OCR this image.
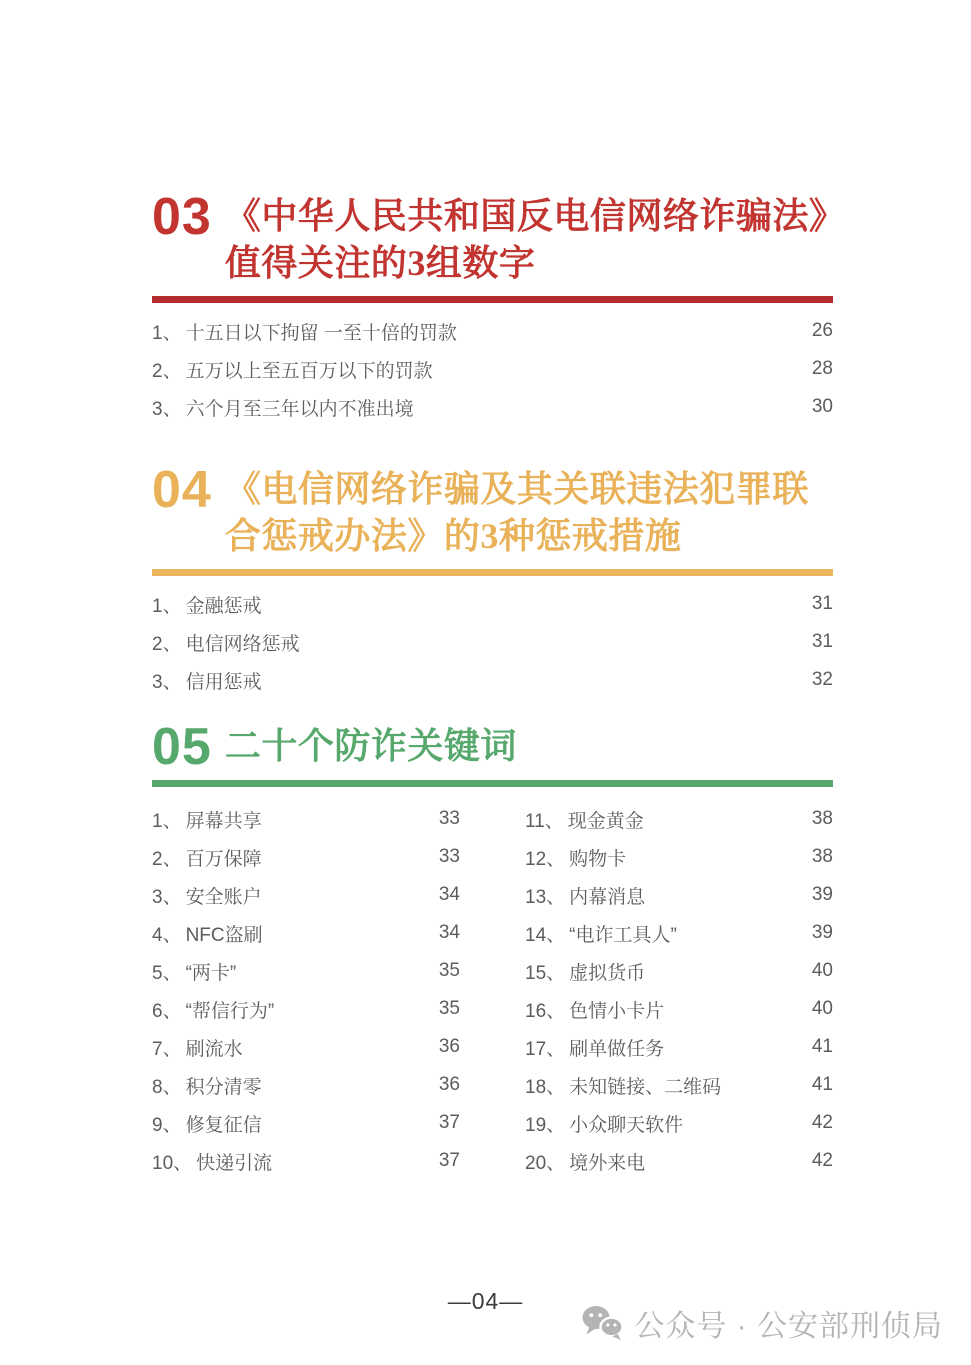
03 《中华人民共和国反电信网络诈骗法》
值得关注的3组数字
1、 十五日以下拘留 一至十倍的罚款	26
2、 五万以上至五百万以下的罚款	28
3、 六个月至三年以内不准出境	30
04 《电信网络诈骗及其关联违法犯罪联
合惩戒办法》的3种惩戒措施
1、 金融惩戒	31
2、 电信网络惩戒	31
3、 信用惩戒	32
05 二十个防诈关键词
1、 屏幕共享	33
2、 百万保障	33
3、 安全账户	34
4、 NFC盗刷	34
5、 “两卡”	35
6、 “帮信行为”	35
7、 刷流水	36
8、 积分清零	36
9、 修复征信	37
10、 快递引流	37
11、 现金黄金	38
12、 购物卡	38
13、 内幕消息	39
14、 “电诈工具人”	39
15、 虚拟货币	40
16、 色情小卡片	40
17、 刷单做任务	41
18、 未知链接、二维码	41
19、 小众聊天软件	42
20、 境外来电	42
—04—
公众号 · 公安部刑侦局
